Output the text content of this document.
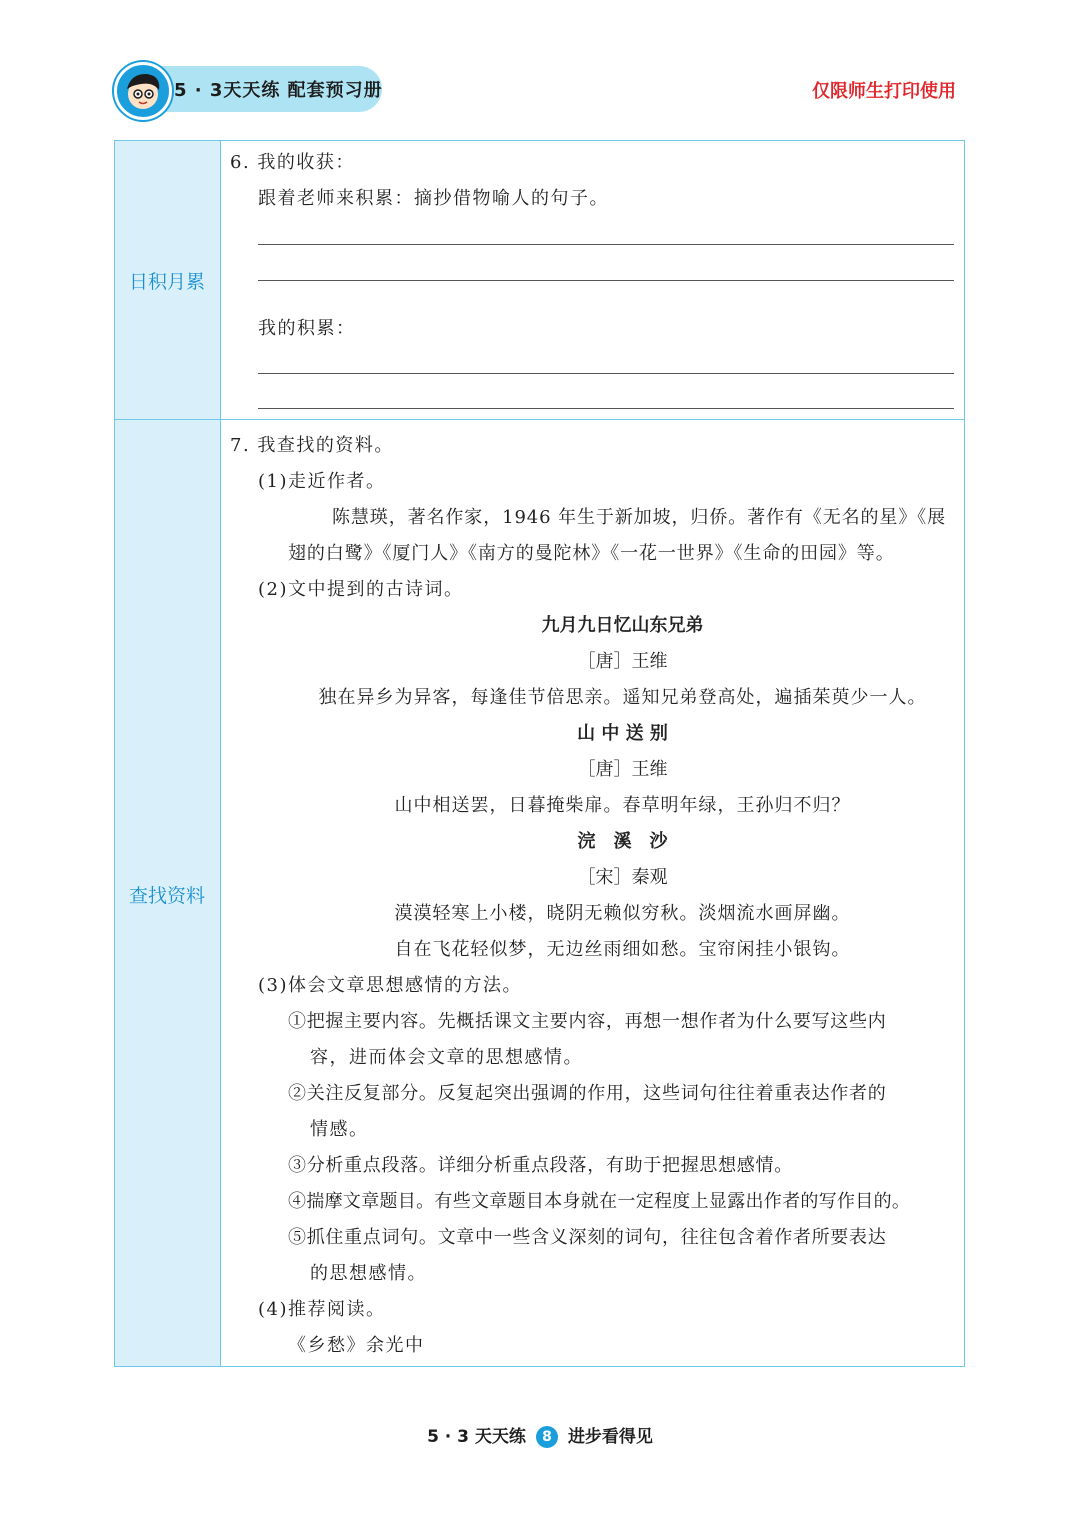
5 · 3天天练 配套预习册	仅限师生打印使用
日积月累
查找资料
6. 我的收获：
跟着老师来积累：摘抄借物喻人的句子。
我的积累：
7. 我查找的资料。
(1)走近作者。
陈慧瑛，著名作家，1946 年生于新加坡，归侨。著作有《无名的星》《展
翅的白鹭》《厦门人》《南方的曼陀林》《一花一世界》《生命的田园》等。
(2)文中提到的古诗词。
九月九日忆山东兄弟
［唐］王维
独在异乡为异客，每逢佳节倍思亲。遥知兄弟登高处，遍插茱萸少一人。
山 中 送 别
［唐］王维
山中相送罢，日暮掩柴扉。春草明年绿，王孙归不归？
浣　溪　沙
［宋］秦观
漠漠轻寒上小楼，晓阴无赖似穷秋。淡烟流水画屏幽。
自在飞花轻似梦，无边丝雨细如愁。宝帘闲挂小银钩。
(3)体会文章思想感情的方法。
①把握主要内容。先概括课文主要内容，再想一想作者为什么要写这些内
容，进而体会文章的思想感情。
②关注反复部分。反复起突出强调的作用，这些词句往往着重表达作者的
情感。
③分析重点段落。详细分析重点段落，有助于把握思想感情。
④揣摩文章题目。有些文章题目本身就在一定程度上显露出作者的写作目的。
⑤抓住重点词句。文章中一些含义深刻的词句，往往包含着作者所要表达
的思想感情。
(4)推荐阅读。
《乡愁》余光中
5 · 3 天天练 8 进步看得见
